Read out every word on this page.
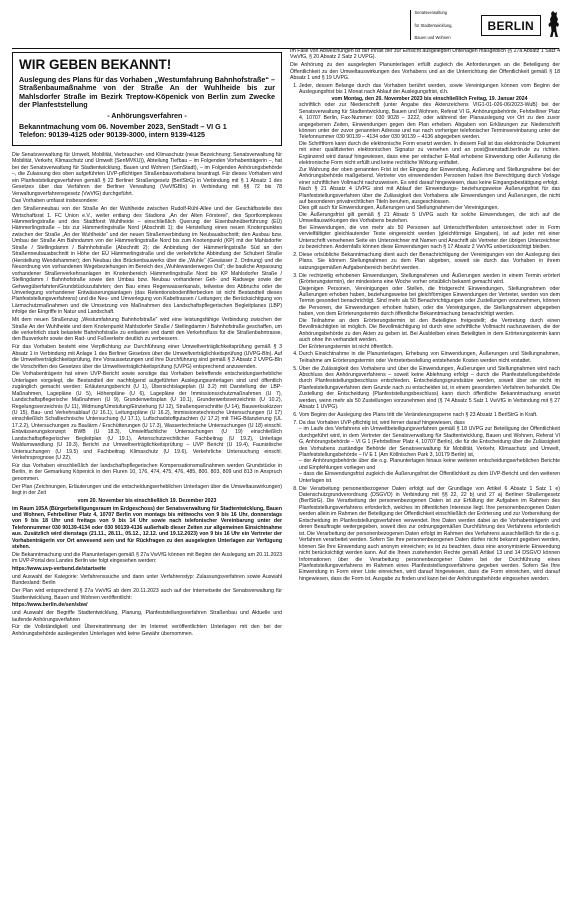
Senatsverwaltung
für Stadtentwicklung,
Bauen und Wohnen
BERLIN
WIR GEBEN BEKANNT!
Auslegung des Plans für das Vorhaben „Westumfahrung Bahnhofstraße“ – Straßenbaumaßnahme von der Straße An der Wuhlheide bis zur Mahlsdorfer Straße im Bezirk Treptow-Köpenick von Berlin zum Zwecke der Planfeststellung
- Anhörungsverfahren -
Bekanntmachung vom 06. November 2023, SenStadt – VI G 1
Telefon: 90139-4125 oder 90139-3000, intern 9139-4125

Die Senatsverwaltung für Umwelt, Mobilität, Verbraucher- und Klimaschutz (neue Bezeichnung: Senatsverwaltung für Mobilität, Verkehr, Klimaschutz und Umwelt (SenMVKU)), Abteilung Tiefbau – im Folgenden Vorhabenträgerin –, hat bei der Senatsverwaltung für Stadtentwicklung, Bauen und Wohnen (SenStadt), – im Folgenden Anhörungsbehörde –, die Zulassung des oben aufgeführten UVP-pflichtigen Straßenbauvorhabens beantragt. Für dieses Vorhaben wird ein Planfeststellungsverfahren gemäß § 22 Berliner Straßengesetz (BerlStrG) in Verbindung mit § 1 Absatz 1 des Gesetzes über das Verfahren der Berliner Verwaltung (VwVfGBln) in Verbindung mit §§ 72 bis 78 Verwaltungsverfahrensgesetz (VwVfG) durchgeführt.

Das Vorhaben umfasst insbesondere:

den Straßenneubau von der Straße An der Wuhlheide zwischen Rudolf-Rühl-Allee und der Geschäftsstelle des Wirtschaftsrat 1. FC Union e.V., weiter entlang des Stadions „An der Alten Försterei“, des Sportkomplexes Hämmerlingstraße und des Stadtforst Wuhlheide – einschließlich Querung der Eisenbahnüberführung (EÜ) Hämmerlingstraße – bis zur Hämmerlingstraße Nord (Abschnitt 1); die Herstellung eines neuen Knotenpunktes zwischen der Straße „An der Wuhlheide“ und der neuen Straßenverbindung im Neubauabschnitt; den Ausbau bzw. Umbau der Straße Am Bahndamm von der Hämmerlingstraße Nord bis zum Knotenpunkt (KP) mit der Mahlsdorfer Straße / Stellingdamm / Bahnhofstraße (Abschnitt 2); die Anbindung der Hämmerlingstraße Süd an den Straßenneubauabschnitt in Höhe der EÜ Hämmerlingstraße und die verkehrliche Abbindung der Schubert Straße (Herstellung Wendehammer); den Neubau des Brückenbauwerks über die „Wuhle“ (Gewässer 2. Ordnung) und die Neuordnung von vorhandenen Wegebeziehungen im Bereich des „Wuhlewanderweges Ost“; die bauliche Anpassung vorhandener Straßenverkehrsanlagen im Knotenbereich Hämmerlingstraße Nord bis KP Mahlsdorfer Straße / Stellingdamm / Bahnhofstraße sowie den Umbau bzw. Neubau vorhandener Geh- und Radwege sowie der Gehwegüberfahrten/Grundstückszufahrten; den Bau eines Regenwasserkanals, teilweise des Abbruchs oder die Umverlegung vorhandener Entwässerungsanlagen (das Retentionsbodenfilterbecken ist nicht Bestandteil dieses Planfeststellungsverfahrens) und die Neu- und Umverlegung von Kabeltrassen / Leitungen; die Berücksichtigung von Lärmschutzmaßnahmen und die Umsetzung von Maßnahmen des Landschaftspflegerischen Begleitplanes (LBP) infolge der Eingriffe in Natur und Landschaft.

Mit dem neuen Straßenzug „Westumfahrung Bahnhofstraße“ wird eine leistungsfähige Verbindung zwischen der Straße An der Wuhlheide und dem Knotenpunkt Mahlsdorfer Straße / Stellingdamm / Bahnhofstraße geschaffen, um die verkehrlich stark belastete Bahnhofstraße zu entlasten und damit den Verkehrsfluss für die Straßenbahntrasse, den Busverkehr sowie den Rad- und Fußverkehr deutlich zu verbessern.

Für das Vorhaben besteht eine Verpflichtung zur Durchführung einer Umweltverträglichkeitsprüfung gemäß § 3 Absatz 1 in Verbindung mit Anlage 1 des Berliner Gesetzes über die Umweltverträglichkeitsprüfung (UVPG-Bln). Auf die Umweltverträglichkeitsprüfung, ihre Voraussetzungen und ihre Durchführung sind gemäß § 3 Absatz 2 UVPG-Bln die Vorschriften des Gesetzes über die Umweltverträglichkeitsprüfung (UVPG) entsprechend anzuwenden.

Die Vorhabenträgerin hat einen UVP-Bericht sowie sonstige das Vorhaben betreffende entscheidungserhebliche Unterlagen vorgelegt, die Bestandteil der nachfolgend aufgeführten Auslegungsunterlagen sind und öffentlich zugänglich gemacht werden: Erläuterungsbericht (U 1), Übersichtslageplan (U 3.2) mit Darstellung der LBP-Maßnahmen, Lagepläne (U 5), Höhenpläne (U 6), Lagepläne der Immissionsschutzmaßnahmen (U 7), Landschaftspflegerische Maßnahmen (U 9), Grunderwerbsplan (U 10.1), Grunderwerbsverzeichnis (U 10.2), Regelungsverzeichnis (U 11), Widmung/Umstufung/Einziehung (U 12), Straßenquerschnitte (U 14), Bauwerksskizzen (U 15), Bau- und Verkehrsablauf (U 16.1), Leitungspläne (U 16.2), Immissionstechnische Untersuchungen (U 17) einschließlich Schalltechnische Untersuchung (U 17.1), Luftschadstoffgutachten (U 17.2) mit THG-Bilanzierung (UL 17.2.2), Untersuchungen zu Baulärm / Erschütterungen (U 17.3), Wassertechnische Untersuchungen (U 18) einschl. Entwässerungskonzept BWB (U 18.3), Umweltfachliche Untersuchungen (U 19) einschließlich Landschaftspflegerischer Begleitplan (U 19.1), Artenschutzrechtlicher Fachbeitrag (U 19.2), Unterlage Waldumwandlung (U 19.3), Bericht zur Umweltverträglichkeitsprüfung – UVP Bericht (U 19.4), Faunistische Untersuchungen (U 19.5) und Fachbeitrag Klimaschutz (U 19.6), Verkehrliche Untersuchung einschl. Verkehrsprognose (U 22).

Für das Vorhaben einschließlich der landschaftspflegerischen Kompensationsmaßnahmen werden Grundstücke in Berlin, in der Gemarkung Köpenick in den Fluren 10, 176, 474, 475, 476, 485, 800, 803, 809 und 813 in Anspruch genommen.

Der Plan (Zeichnungen, Erläuterungen und die entscheidungserheblichen Unterlagen über die Umweltauswirkungen) liegt in der Zeit

vom 20. November bis einschließlich 19. Dezember 2023

im Raum 105A (Bürgerbeteiligungsraum im Erdgeschoss) der Senatsverwaltung für Stadtentwicklung, Bauen und Wohnen, Fehrbelliner Platz 4, 10707 Berlin von montags bis mittwochs von 9 bis 16 Uhr, donnerstags von 9 bis 18 Uhr und freitags von 9 bis 14 Uhr sowie nach telefonischer Vereinbarung unter der Telefonnummer 030 90139-4134 oder 030 90139-4136 außerhalb dieser Zeiten zur allgemeinen Einsichtnahme aus. Zusätzlich wird dienstags (21.11., 28.11., 05.12., 12.12. und 19.12.2023) von 9 bis 16 Uhr ein Vertreter der Vorhabenträgerin vor Ort anwesend sein und für Rückfragen zu den ausgelegten Unterlagen zur Verfügung stehen.

Die Bekanntmachung und die Planunterlagen gemäß § 27a VwVfG können mit Beginn der Auslegung am 20.11.2023 im UVP-Portal des Landes Berlin wie folgt eingesehen werden:

https://www.uvp-verbund.de/startseite

und Auswahl der Kategorie: Verfahrenssuche und dann unter Verfahrenstyp: Zulassungsverfahren sowie Auswahl Bundesland: Berlin

Der Plan wird entsprechend § 27a VwVfG ab dem 20.11.2023 auch auf der Internetseite der Senatsverwaltung für Stadtentwicklung, Bauen und Wohnen veröffentlicht:

https://www.berlin.de/sen/sbw/

und Auswahl der Begriffe Stadtentwicklung, Planung, Planfeststellungsverfahren Straßenbau und Aktuelle und laufende Anhörungsverfahren

Für die Vollständigkeit und Übereinstimmung der im Internet veröffentlichten Unterlagen mit den bei der Anhörungsbehörde ausliegenden Unterlagen wird keine Gewähr übernommen.

Im Falle von Abweichungen ist der Inhalt der zur Einsicht ausgelegten Unterlagen maßgeblich (§ 27a Absatz 1 Satz 4 VwVfG, § 20 Absatz 2 Satz 2 UVPG).

Die Anhörung zu den ausgelegten Planunterlagen erfüllt zugleich die Anforderungen an die Beteiligung der Öffentlichkeit zu den Umweltauswirkungen des Vorhabens und an die Unterrichtung der Öffentlichkeit gemäß § 18 Absatz 1 und § 19 UVPG.

1. Jeder, dessen Belange durch das Vorhaben berührt werden, sowie Vereinigungen können vom Beginn der Auslegungsfrist bis 1 Monat nach Ablauf der Auslegungsfrist, d.h.
vom Montag, den 20. November 2023 bis einschließlich Freitag, 19. Januar 2024
schriftlich oder zur Niederschrift (unter Angabe des Aktenzeichens VIG1-01-026-06/2023-WuB) bei der Senatsverwaltung für Stadtentwicklung, Bauen und Wohnen, Referat VI G, Anhörungsbehörde, Fehrbelliner Platz 4, 10707 Berlin, Fax-Nummer: 030 9028 – 3222, oder während der Planauslegung vor Ort zu den zuvor angegebenen Zeiten, Einwendungen gegen den Plan erheben. Abgaben von Erklärungen zur Niederschrift können unter der zuvor genannten Adresse und nur nach vorheriger telefonischer Terminvereinbarung unter der Telefonnummer 030 90139 – 4134 oder 030 90139 – 4136 abgegeben werden.
Die Schriftform kann durch die elektronische Form ersetzt werden. In diesem Fall ist das elektronische Dokument mit einer qualifizierten elektronischen Signatur zu versehen und an post@senstadt.berlin.de zu richten. Ergänzend wird darauf hingewiesen, dass eine per einfacher E-Mail erhobene Einwendung oder Äußerung die elektronische Form nicht erfüllt und keine rechtliche Wirkung entfaltet.
Zur Wahrung der oben genannten Frist ist der Eingang der Einwendung, Äußerung und Stellungnahme bei der Anhörungsbehörde maßgebend. Vertreter von einwendenden Personen haben ihre Berechtigung durch Vorlage einer schriftlichen Vollmacht nachzuweisen. Es wird darauf hingewiesen, dass keine Eingangsbestätigung erfolgt.
Nach § 21 Absatz 4 UVPG sind mit Ablauf der Einwendungs- beziehungsweise Äußerungsfrist für das Planfeststellungsverfahren über die Zulässigkeit des Vorhabens alle Einwendungen und Äußerungen, die nicht auf besonderen privatrechtlichen Titeln beruhen, ausgeschlossen.
Dies gilt auch für Einwendungen, Äußerungen und Stellungnahmen der Vereinigungen.
Die Äußerungsfrist gilt gemäß § 21 Absatz 5 UVPG auch für solche Einwendungen, die sich auf die Umweltauswirkungen des Vorhabens beziehen.
Bei Einwendungen, die von mehr als 50 Personen auf Unterschriftenlisten unterzeichnet oder in Form vervielfältigter gleichlautender Texte eingereicht werden (gleichförmige Eingaben), ist auf jeder mit einer Unterschrift versehenen Seite ein Unterzeichner mit Namen und Anschrift als Vertreter der übrigen Unterzeichner zu bezeichnen. Andernfalls können diese Einwendungen nach § 17 Absatz 2 VwVfG unberücksichtigt bleiben.
2. Diese ortsübliche Bekanntmachung dient auch der Benachrichtigung der Vereinigungen von der Auslegung des Plans. Sie können Stellungnahmen zu dem Plan abgeben, soweit sie durch das Vorhaben in ihrem satzungsgemäßen Aufgabenbereich berührt werden.
3. Die rechtzeitig erhobenen Einwendungen, Stellungnahmen und Äußerungen werden in einem Termin erörtert (Erörterungstermin), der mindestens eine Woche vorher ortsüblich bekannt gemacht wird.
Diejenigen Personen, Vereinigungen oder Stellen, die fristgerecht Einwendungen, Stellungnahmen oder Äußerungen erhoben haben, beziehungsweise bei gleichförmigen Einwendungen der Vertreter, werden von dem Termin gesondert benachrichtigt. Sind mehr als 50 Benachrichtigungen oder Zustellungen vorzunehmen, können die Personen, die Einwendungen erhoben haben, oder die Vereinigungen, die Stellungnahmen abgegeben haben, von dem Erörterungstermin durch öffentliche Bekanntmachung benachrichtigt werden.
Die Teilnahme an dem Erörterungstermin ist den Beteiligten freigestellt; die Vertretung durch einen Bevollmächtigten ist möglich. Die Bevollmächtigung ist durch eine schriftliche Vollmacht nachzuweisen, die der Anhörungsbehörde zu den Akten zu geben ist. Bei Ausbleiben eines Beteiligten in dem Erörterungstermin kann auch ohne ihn verhandelt werden.
Der Erörterungstermin ist nicht öffentlich.
4. Durch Einsichtnahme in die Planunterlagen, Erhebung von Einwendungen, Äußerungen und Stellungnahmen, Teilnahme am Erörterungstermin oder Vertreterbestellung entstehende Kosten werden nicht erstattet.
5. Über die Zulässigkeit des Vorhabens und über die Einwendungen, Äußerungen und Stellungnahmen wird nach Abschluss des Anhörungsverfahrens – soweit keine Ablehnung erfolgt – durch die Planfeststellungsbehörde durch Planfeststellungsbeschluss entschieden. Entscheidungsgrundsätze werden, soweit über sie nicht im Planfeststellungsverfahren dem Grunde nach zu entscheiden ist, in einem gesonderten Verfahren behandelt. Die Zustellung der Entscheidung (Planfeststellungsbeschluss) kann durch öffentliche Bekanntmachung ersetzt werden, wenn mehr als 50 Zustellungen vorzunehmen sind (§ 74 Absatz 5 Satz 1 VwVfG in Verbindung mit § 27 Absatz 1 UVPG).
6. Vom Beginn der Auslegung des Plans tritt die Veränderungssperre nach § 23 Absatz 1 BerlStrG in Kraft.
7. Da das Vorhaben UVP-pflichtig ist, wird ferner darauf hingewiesen, dass
– im Laufe des Verfahrens ein Umweltbeteiligungsverfahren gemäß § 18 UVPG zur Beteiligung der Öffentlichkeit durchgeführt wird, in dem Vertreter der Senatsverwaltung für Stadtentwicklung, Bauen und Wohnen, Referat VI G, Anhörungsbehörde – VI G 1 (Fehrbelliner Platz 4, 10707 Berlin), die für die Entscheidung über die Zulässigkeit des Vorhabens zuständige Behörde der Senatsverwaltung für Mobilität, Verkehr, Klimaschutz und Umwelt, Planfeststellungsbehörde – IV E 1 (Am Köllnischen Park 3, 10179 Berlin) ist,
– der Anhörungsbehörde über die o.g. Planunterlagen hinaus keine weiteren entscheidungserheblichen Berichte und Empfehlungen vorliegen und
– dass die Einwendungsfrist zugleich die Äußerungsfrist der Öffentlichkeit zu dem UVP-Bericht und den weiteren Unterlagen ist.
8. Die Verarbeitung personenbezogener Daten erfolgt auf der Grundlage von Artikel 6 Absatz 1 Satz 1 e) Datenschutzgrundverordnung (DSGVO) in Verbindung mit §§ 22, 22 b) und 27 a) Berliner Straßengesetz (BerlStrG). Die Verarbeitung der personenbezogenen Daten ist zur Erfüllung der Aufgaben im Rahmen des Planfeststellungsverfahrens erforderlich, welches im öffentlichen Interesse liegt. Ihre personenbezogenen Daten werden allein im Rahmen der Beteiligung der Öffentlichkeit einschließlich der Erörterung und zur Vorbereitung der Entscheidung im Planfeststellungsverfahren verwendet. Ihre Daten werden dabei an die Vorhabenträgerin und deren Beauftragte weitergegeben, soweit dies zur ordnungsgemäßen Durchführung des Verfahrens erforderlich ist. Die Verarbeitung der personenbezogenen Daten erfolgt im Rahmen des Verfahrens ausschließlich für die o.g. Verfahren verarbeitet werden. Sofern Sie Ihre personenbezogenen Daten dürfen nicht bekannt gegeben werden, können Sie Ihre Einwendung auch anonym einreichen; es ist zu beachten, dass eine anonymisierte Einwendung nicht berücksichtigt werden kann. Auf die Ihnen zustehenden Rechte gemäß Artikel 13 und 14 DSGVO können Informationen über die Verarbeitung personenbezogener Daten bei der Durchführung eines Planfeststellungsverfahrens im Rahmen eines Planfeststellungsverfahrens gegeben werden. Sofern Sie Ihre Einwendung in Form einer Liste einreichen, wird darauf hingewiesen, dass die Form einreichen, wird darauf hingewiesen, dass die Form ist. Ausgabe zu finden und kann bei der Anhörungsbehörde eingesehen werden.
